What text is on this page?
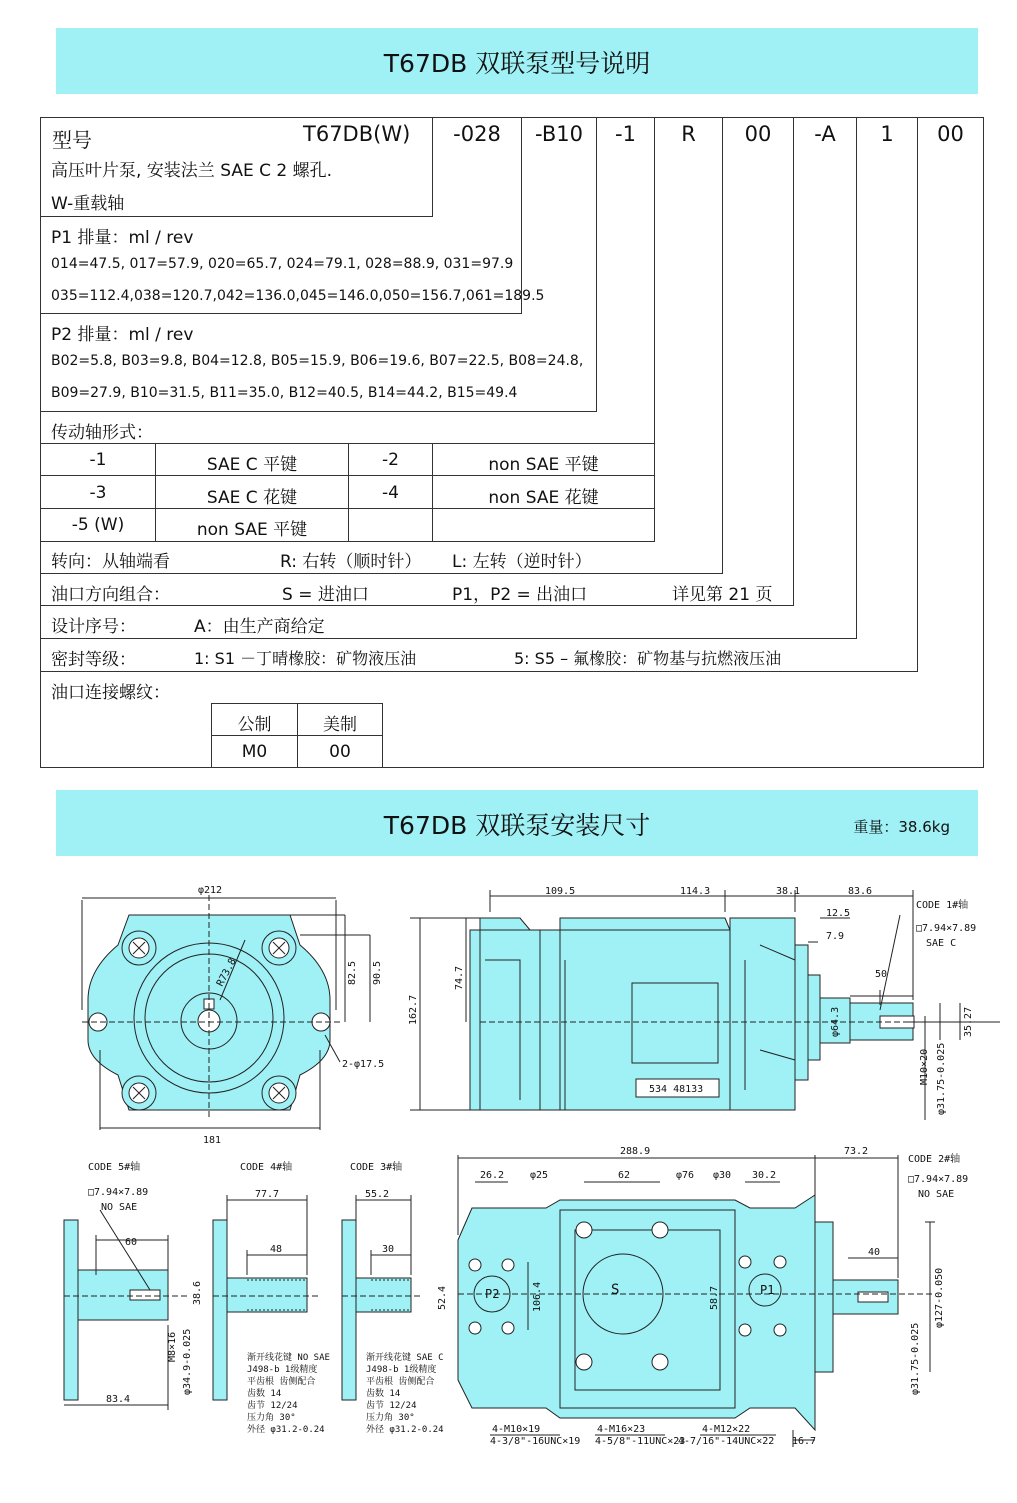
T67DB 双联泵型号说明
型号	T67DB(W)	-028	-B10	-1	R	00	-A	1	00
高压叶片泵, 安装法兰 SAE C 2 螺孔.
W-重载轴
P1 排量：ml / rev
014=47.5, 017=57.9, 020=65.7, 024=79.1, 028=88.9, 031=97.9
035=112.4,038=120.7,042=136.0,045=146.0,050=156.7,061=189.5
P2 排量：ml / rev
B02=5.8, B03=9.8, B04=12.8, B05=15.9, B06=19.6, B07=22.5, B08=24.8,
B09=27.9, B10=31.5, B11=35.0, B12=40.5, B14=44.2, B15=49.4
传动轴形式：
-1	SAE C 平键	-2	non SAE 平键
-3	SAE C 花键	-4	non SAE 花键
-5 (W)	non SAE 平键
转向：从轴端看	R: 右转（顺时针） L: 左转（逆时针）
油口方向组合：	S = 进油口	P1，P2 = 出油口	详见第 21 页
设计序号：	A：由生产商给定
密封等级：	1: S1 －丁晴橡胶：矿物液压油	5: S5 – 氟橡胶：矿物基与抗燃液压油
油口连接螺纹：
公制	美制
M0	00
T67DB 双联泵安装尺寸	重量：38.6kg
φ212
R73.8	82.5 90.5
181
2-φ17.5
109.5	114.3	38.1	83.6
12.5
7.9
74.7
162.7	φ64.3
50
35.27
M10×20 φ31.75-0.025
534 48133
CODE 1#轴
□7.94×7.89
SAE C
CODE 5#轴
□7.94×7.89
NO SAE
60
38.6
M8×16 φ34.9-0.025
83.4
CODE 4#轴
77.7
48
CODE 3#轴
55.2
30
渐开线花键 NO SAE
J498-b 1级精度
平齿根 齿侧配合
齿数 14
齿节 12/24
压力角 30°
外径 φ31.2-0.24
渐开线花键 SAE C
J498-b 1级精度
平齿根 齿侧配合
齿数 14
齿节 12/24
压力角 30°
外径 φ31.2-0.24
288.9	73.2
26.2	φ25	62	φ76 φ30 30.2
52.4	106.4	58.7
P2	S	P1
40
φ127-0.050
φ31.75-0.025
CODE 2#轴
□7.94×7.89
NO SAE
4-M10×19
4-3/8"-16UNC×19
4-M16×23
4-5/8"-11UNC×23
4-M12×22
4-7/16"-14UNC×22 16.7
